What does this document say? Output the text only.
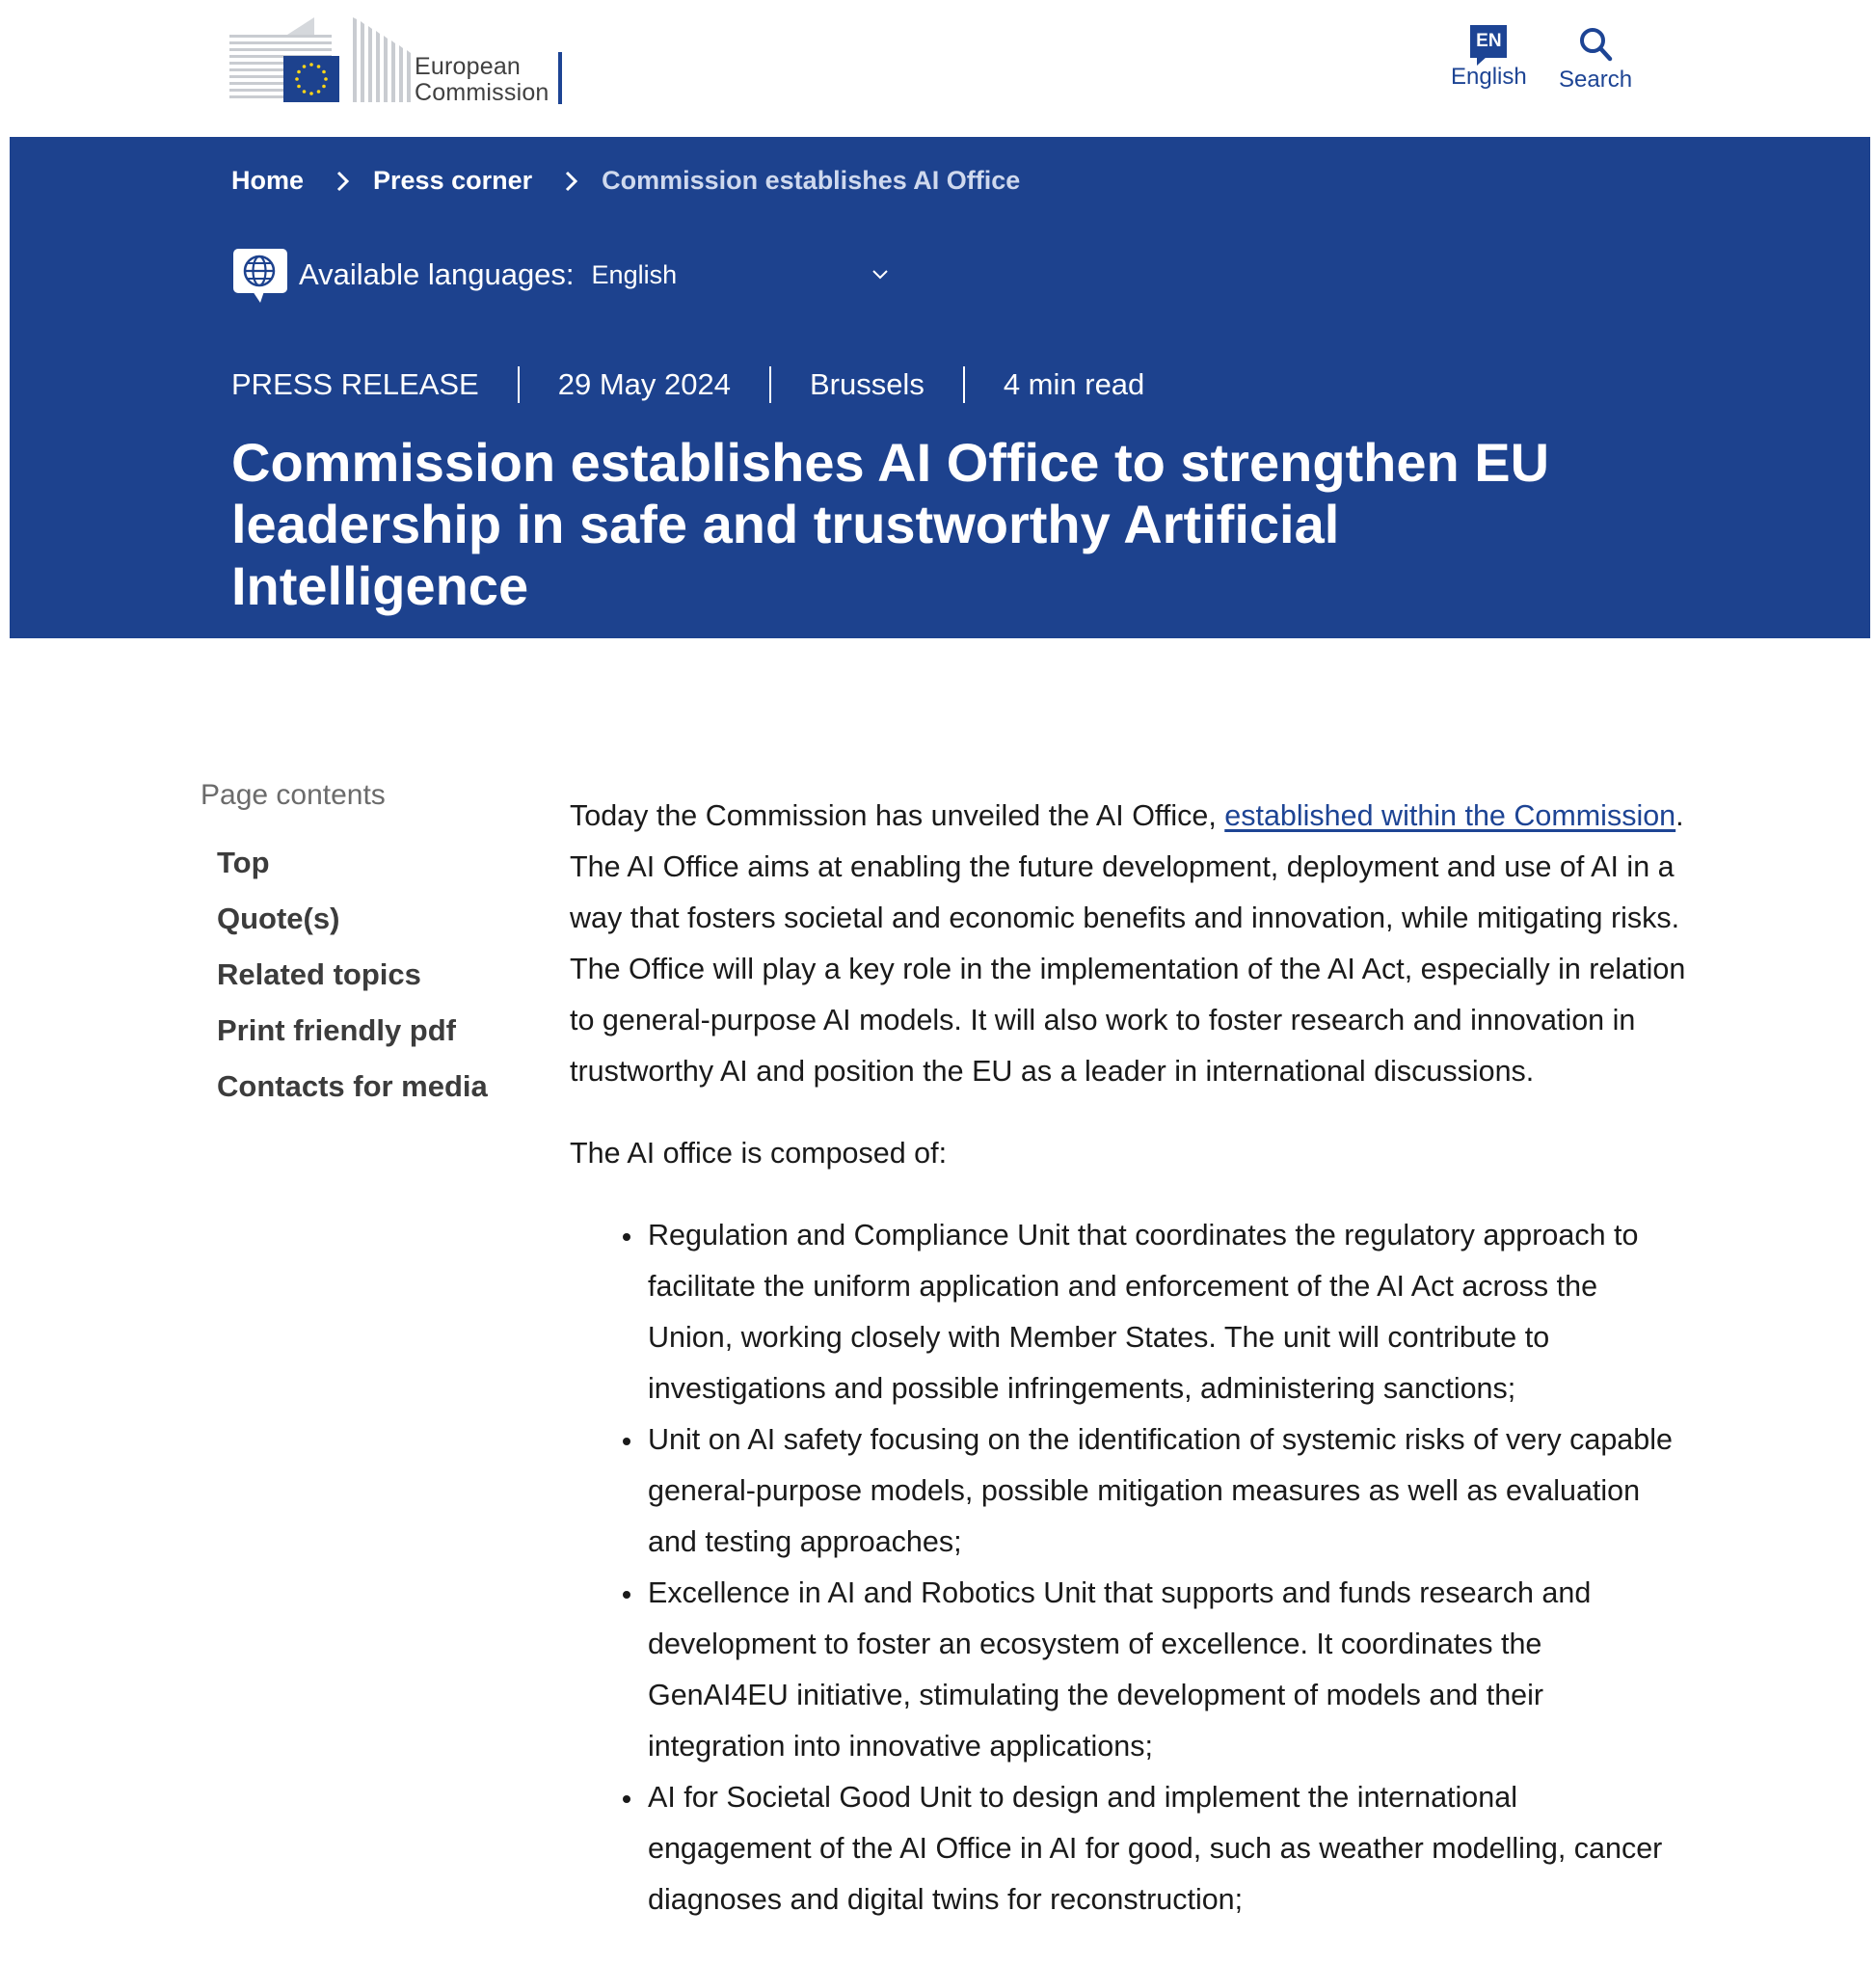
European
Commission
EN
English Search
Home	Press corner	Commission establishes AI Office
Available languages: English
PRESS RELEASE	29 May 2024	Brussels	4 min read
Commission establishes AI Office to strengthen EU leadership in safe and trustworthy Artificial Intelligence
Page contents
Top
Quote(s)
Related topics
Print friendly pdf
Contacts for media

Today the Commission has unveiled the AI Office, established within the Commission. The AI Office aims at enabling the future development, deployment and use of AI in a way that fosters societal and economic benefits and innovation, while mitigating risks. The Office will play a key role in the implementation of the AI Act, especially in relation to general-purpose AI models. It will also work to foster research and innovation in trustworthy AI and position the EU as a leader in international discussions.

The AI office is composed of:

Regulation and Compliance Unit that coordinates the regulatory approach to facilitate the uniform application and enforcement of the AI Act across the Union, working closely with Member States. The unit will contribute to investigations and possible infringements, administering sanctions;
Unit on AI safety focusing on the identification of systemic risks of very capable general-purpose models, possible mitigation measures as well as evaluation and testing approaches;
Excellence in AI and Robotics Unit that supports and funds research and development to foster an ecosystem of excellence. It coordinates the GenAI4EU initiative, stimulating the development of models and their integration into innovative applications;
AI for Societal Good Unit to design and implement the international engagement of the AI Office in AI for good, such as weather modelling, cancer diagnoses and digital twins for reconstruction;
